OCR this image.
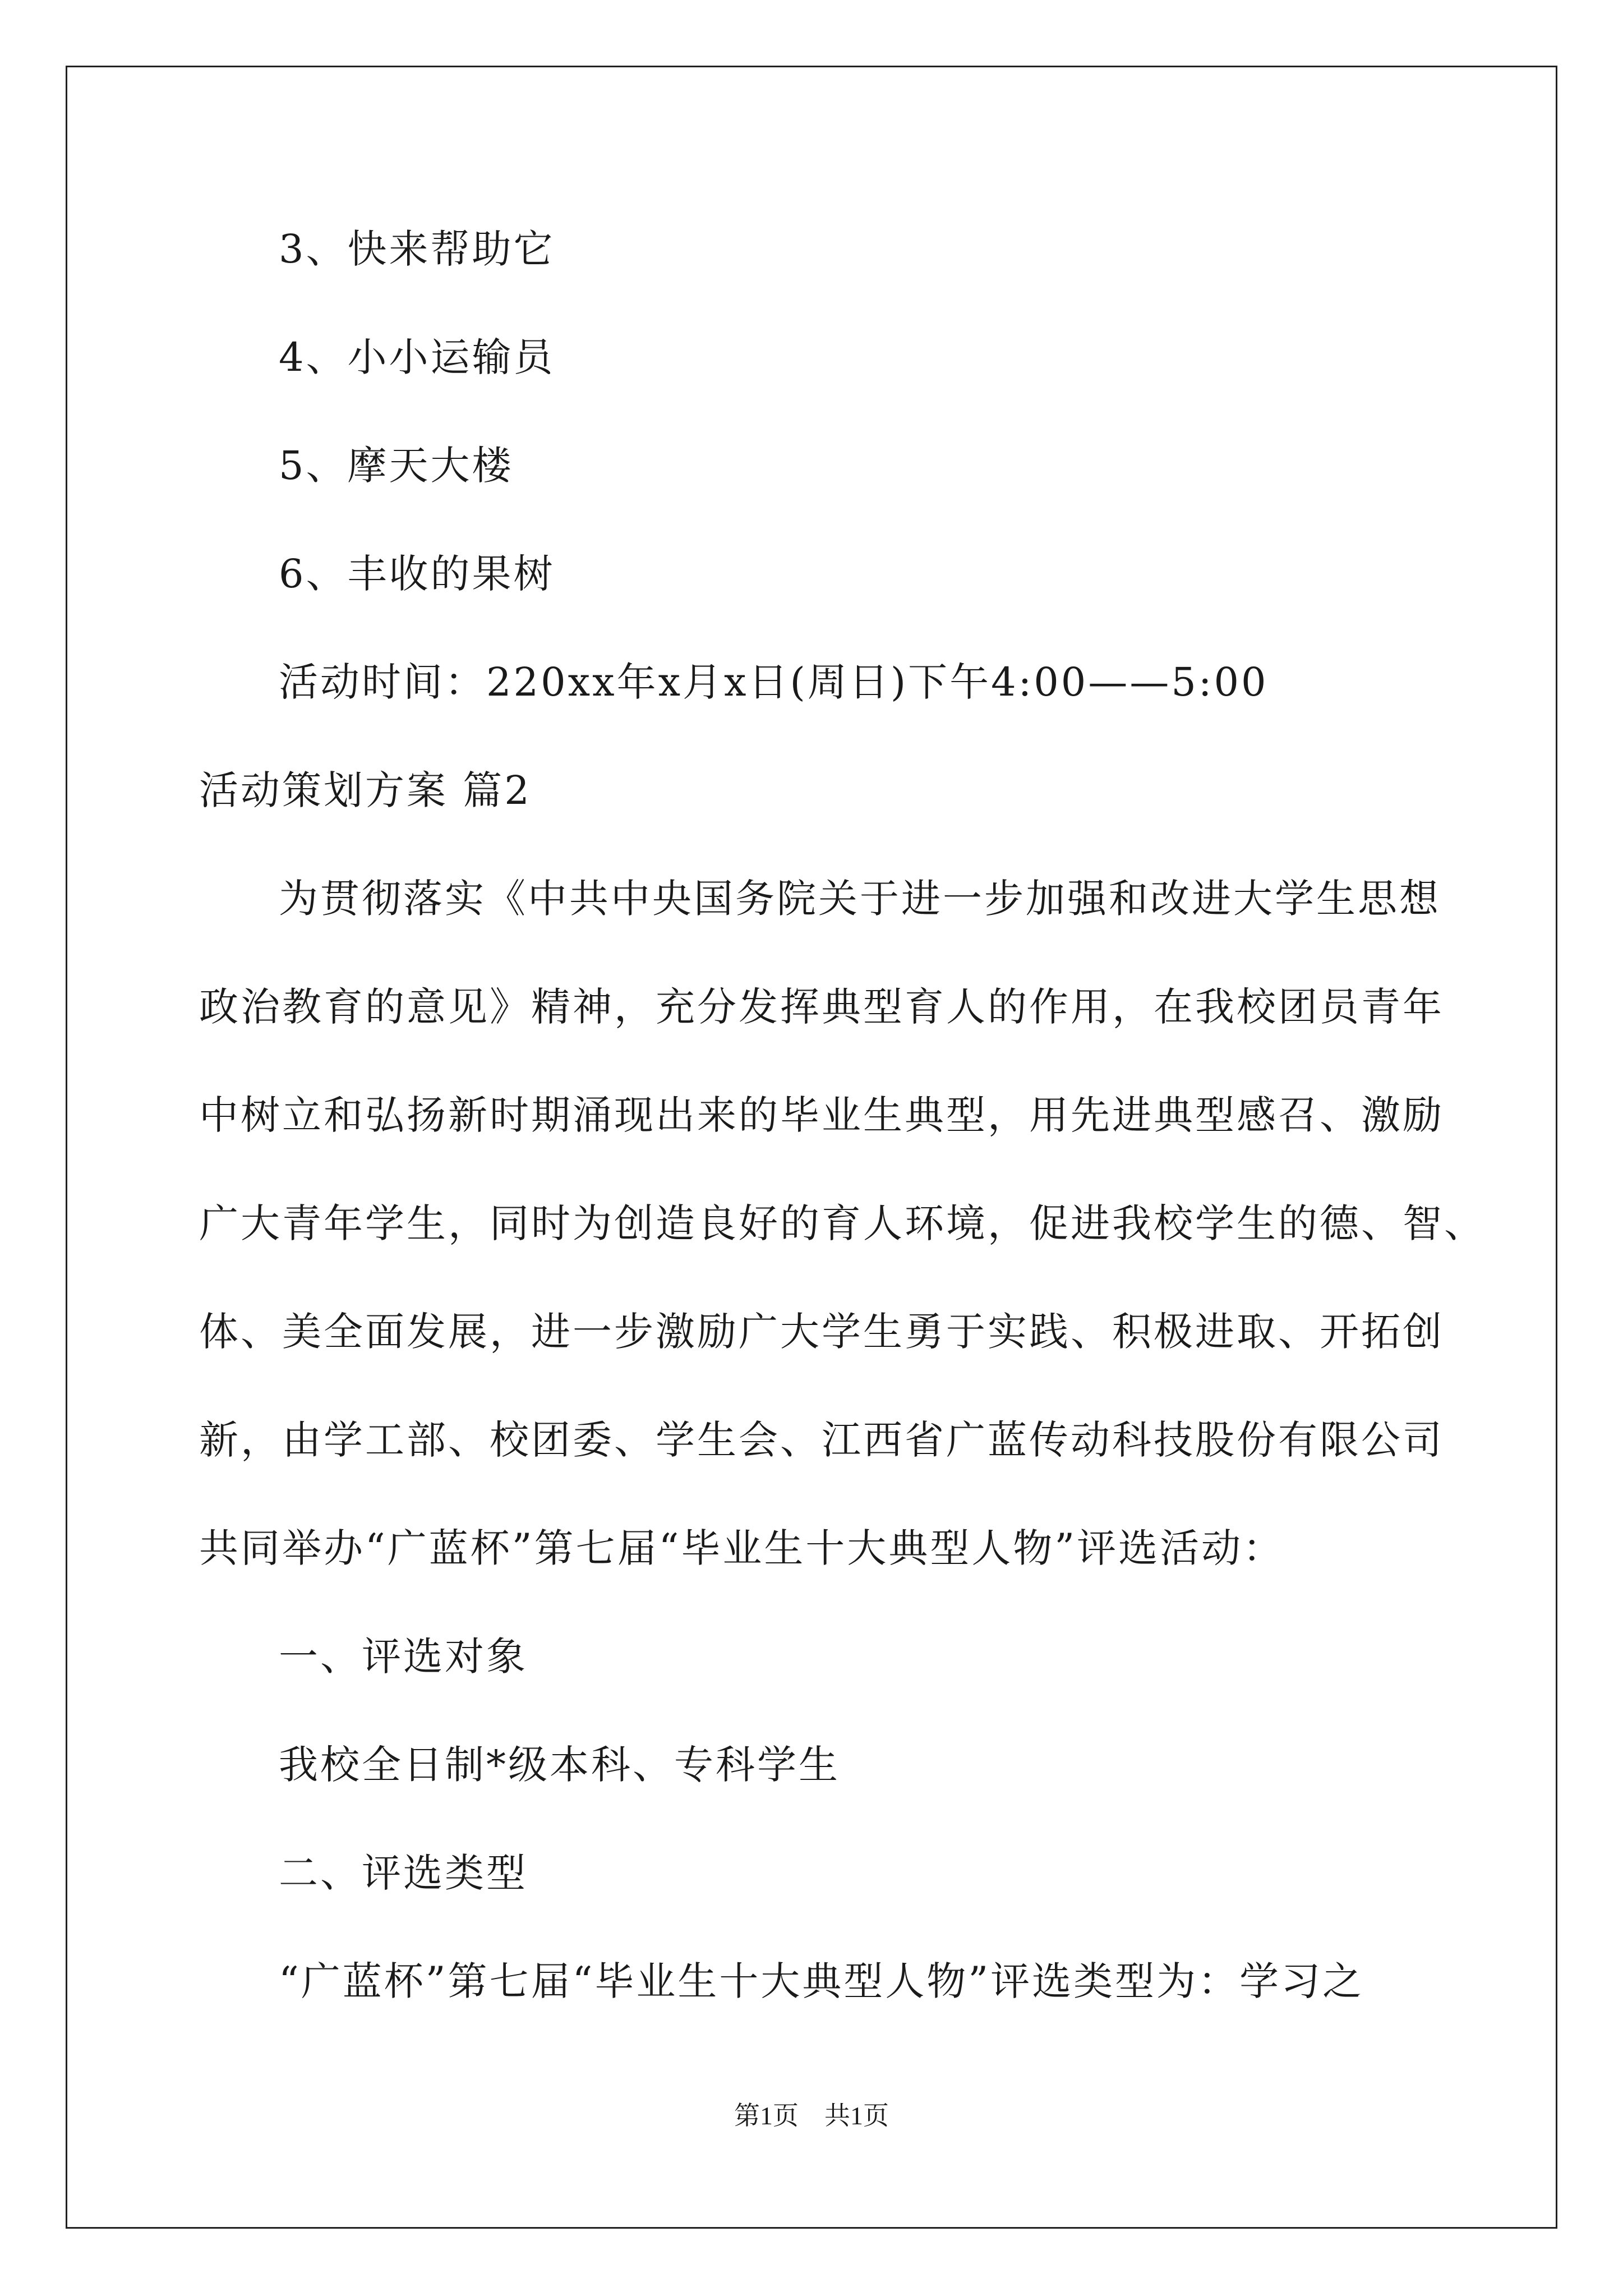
3、快来帮助它
4、小小运输员
5、摩天大楼
6、丰收的果树
活动时间：220xx年x月x日(周日)下午4:00——5:00
活动策划方案 篇2
为贯彻落实《中共中央国务院关于进一步加强和改进大学生思想
政治教育的意见》精神，充分发挥典型育人的作用，在我校团员青年
中树立和弘扬新时期涌现出来的毕业生典型，用先进典型感召、激励
广大青年学生，同时为创造良好的育人环境，促进我校学生的德、智、
体、美全面发展，进一步激励广大学生勇于实践、积极进取、开拓创
新，由学工部、校团委、学生会、江西省广蓝传动科技股份有限公司
共同举办“广蓝杯”第七届“毕业生十大典型人物”评选活动：
一、评选对象
我校全日制*级本科、专科学生
二、评选类型
“广蓝杯”第七届“毕业生十大典型人物”评选类型为：学习之
第1页 共1页
